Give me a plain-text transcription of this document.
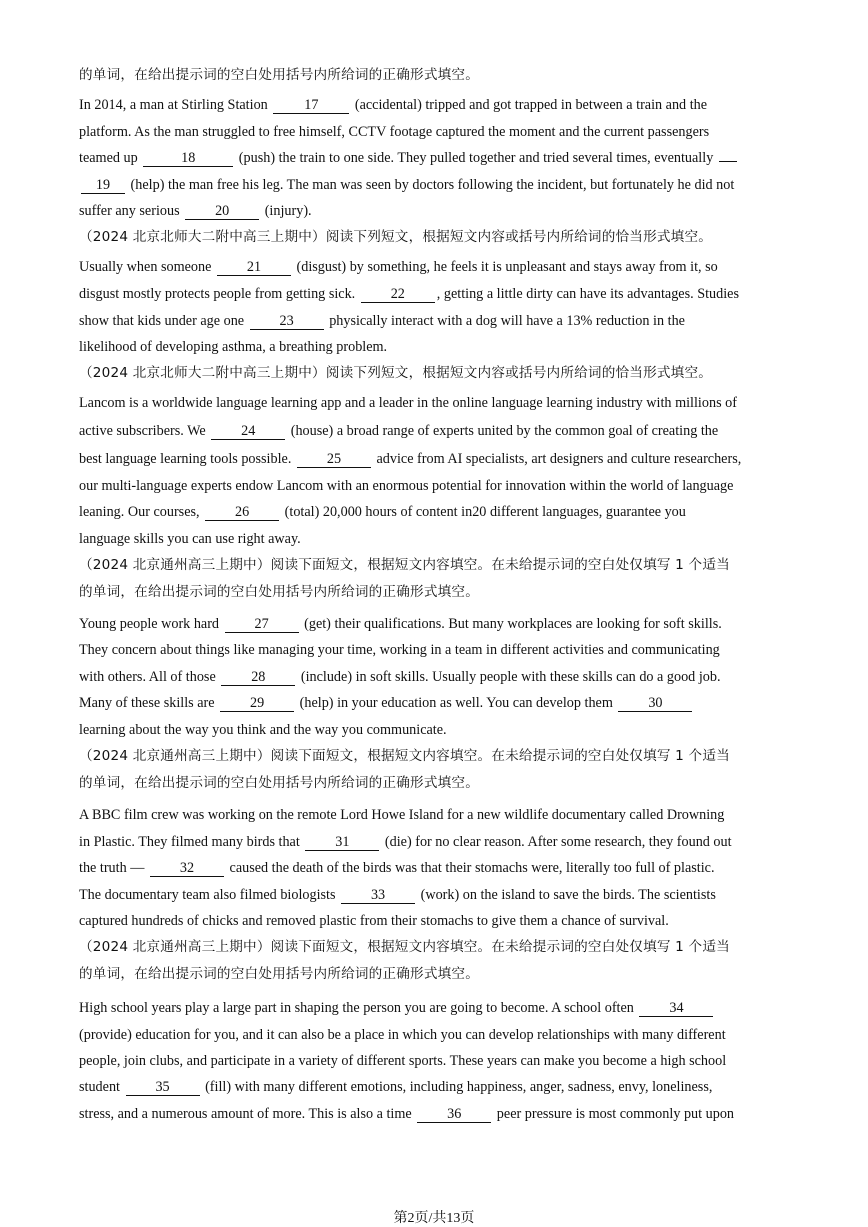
的单词，在给出提示词的空白处用括号内所给词的正确形式填空。
In 2014, a man at Stirling Station 17 (accidental) tripped and got trapped in between a train and the
platform. As the man struggled to free himself, CCTV footage captured the moment and the current passengers
teamed up	18	(push) the train to one side. They pulled together and tried several times, eventually
19 (help) the man free his leg. The man was seen by doctors following the incident, but fortunately he did not
suffer any serious 20 (injury).
（2024 北京北师大二附中高三上期中）阅读下列短文，根据短文内容或括号内所给词的恰当形式填空。
Usually when someone 21 (disgust) by something, he feels it is unpleasant and stays away from it, so
disgust mostly protects people from getting sick. 22 , getting a little dirty can have its advantages. Studies
show that kids under age one 23 physically interact with a dog will have a 13% reduction in the
likelihood of developing asthma, a breathing problem.
（2024 北京北师大二附中高三上期中）阅读下列短文，根据短文内容或括号内所给词的恰当形式填空。
Lancom is a worldwide language learning app and a leader in the online language learning industry with millions of
active subscribers. We 24 (house) a broad range of experts united by the common goal of creating the
best language learning tools possible. 25 advice from AI specialists, art designers and culture researchers,
our multi-language experts endow Lancom with an enormous potential for innovation within the world of language
leaning. Our courses, 26 (total) 20,000 hours of content in20 different languages, guarantee you
language skills you can use right away.
（2024 北京通州高三上期中）阅读下面短文，根据短文内容填空。在未给提示词的空白处仅填写 1 个适当
的单词，在给出提示词的空白处用括号内所给词的正确形式填空。
Young people work hard 27 (get) their qualifications. But many workplaces are looking for soft skills.
They concern about things like managing your time, working in a team in different activities and communicating
with others. All of those 28 (include) in soft skills. Usually people with these skills can do a good job.
Many of these skills are 29 (help) in your education as well. You can develop them 30
learning about the way you think and the way you communicate.
（2024 北京通州高三上期中）阅读下面短文，根据短文内容填空。在未给提示词的空白处仅填写 1 个适当
的单词，在给出提示词的空白处用括号内所给词的正确形式填空。
A BBC film crew was working on the remote Lord Howe Island for a new wildlife documentary called Drowning
in Plastic. They filmed many birds that 31 (die) for no clear reason. After some research, they found out
the truth — 32 caused the death of the birds was that their stomachs were, literally too full of plastic.
The documentary team also filmed biologists 33 (work) on the island to save the birds. The scientists
captured hundreds of chicks and removed plastic from their stomachs to give them a chance of survival.
（2024 北京通州高三上期中）阅读下面短文，根据短文内容填空。在未给提示词的空白处仅填写 1 个适当
的单词，在给出提示词的空白处用括号内所给词的正确形式填空。
High school years play a large part in shaping the person you are going to become. A school often 34
(provide) education for you, and it can also be a place in which you can develop relationships with many different
people, join clubs, and participate in a variety of different sports. These years can make you become a high school
student 35 (fill) with many different emotions, including happiness, anger, sadness, envy, loneliness,
stress, and a numerous amount of more. This is also a time 36 peer pressure is most commonly put upon
第2页/共13页
